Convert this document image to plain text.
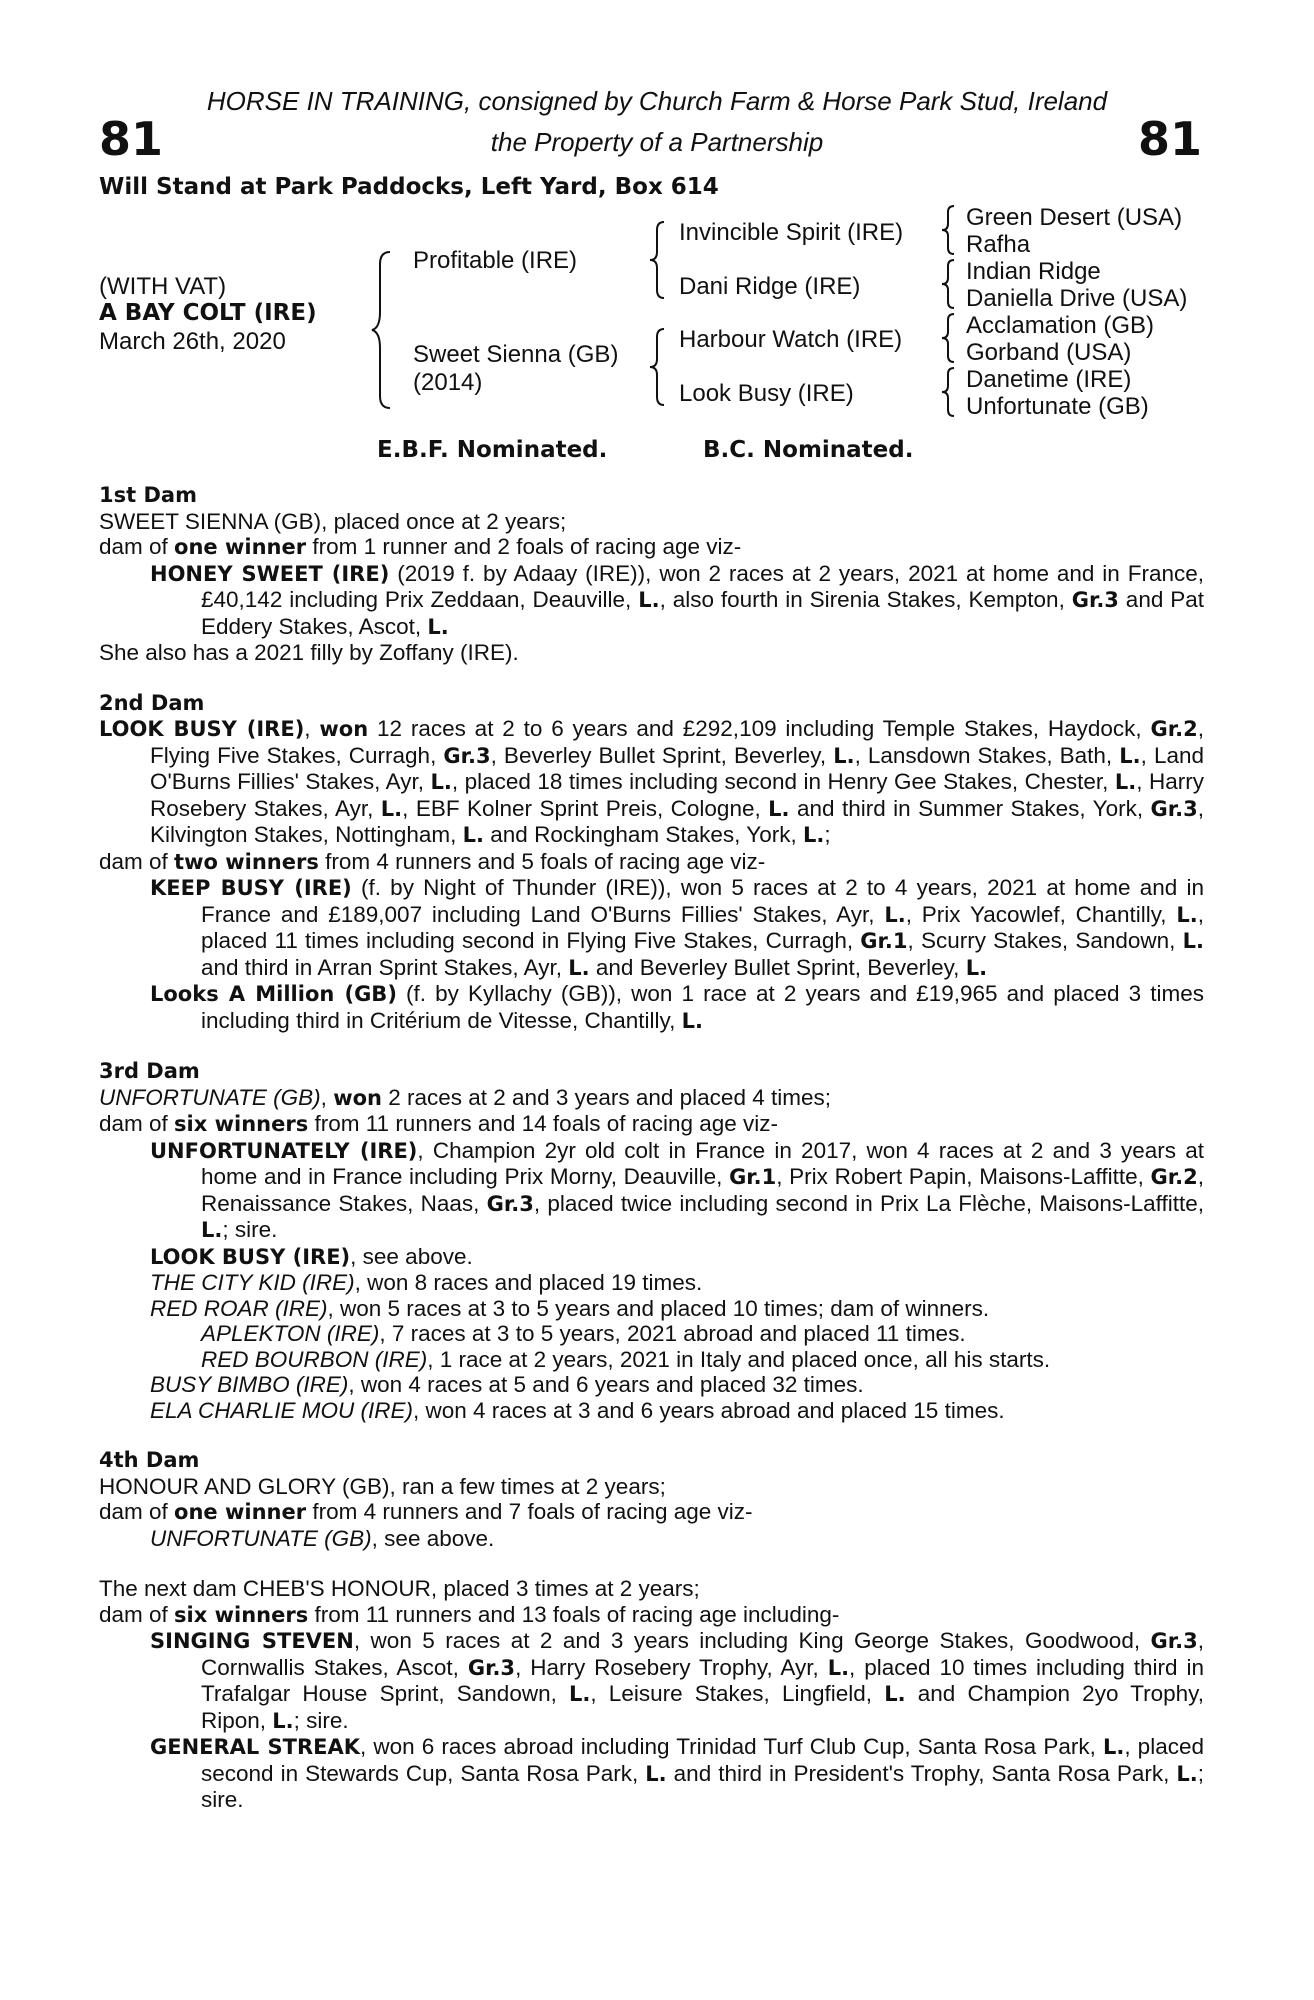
81	81
HORSE IN TRAINING, consigned by Church Farm & Horse Park Stud, Ireland
the Property of a Partnership
Will Stand at Park Paddocks, Left Yard, Box 614
(WITH VAT)
A BAY COLT (IRE)
March 26th, 2020
Profitable (IRE)
Sweet Sienna (GB)
(2014)
Invincible Spirit (IRE)
Dani Ridge (IRE)
Harbour Watch (IRE)
Look Busy (IRE)
Green Desert (USA)
Rafha
Indian Ridge
Daniella Drive (USA)
Acclamation (GB)
Gorband (USA)
Danetime (IRE)
Unfortunate (GB)
E.B.F. Nominated.	B.C. Nominated.

1st Dam

SWEET SIENNA (GB), placed once at 2 years;

dam of one winner from 1 runner and 2 foals of racing age viz-

HONEY SWEET (IRE) (2019 f. by Adaay (IRE)), won 2 races at 2 years, 2021 at home and in France, £40,142 including Prix Zeddaan, Deauville, L., also fourth in Sirenia Stakes, Kempton, Gr.3 and Pat Eddery Stakes, Ascot, L.

She also has a 2021 filly by Zoffany (IRE).

2nd Dam

LOOK BUSY (IRE), won 12 races at 2 to 6 years and £292,109 including Temple Stakes, Haydock, Gr.2, Flying Five Stakes, Curragh, Gr.3, Beverley Bullet Sprint, Beverley, L., Lansdown Stakes, Bath, L., Land O'Burns Fillies' Stakes, Ayr, L., placed 18 times including second in Henry Gee Stakes, Chester, L., Harry Rosebery Stakes, Ayr, L., EBF Kolner Sprint Preis, Cologne, L. and third in Summer Stakes, York, Gr.3, Kilvington Stakes, Nottingham, L. and Rockingham Stakes, York, L.;

dam of two winners from 4 runners and 5 foals of racing age viz-

KEEP BUSY (IRE) (f. by Night of Thunder (IRE)), won 5 races at 2 to 4 years, 2021 at home and in France and £189,007 including Land O'Burns Fillies' Stakes, Ayr, L., Prix Yacowlef, Chantilly, L., placed 11 times including second in Flying Five Stakes, Curragh, Gr.1, Scurry Stakes, Sandown, L. and third in Arran Sprint Stakes, Ayr, L. and Beverley Bullet Sprint, Beverley, L.

Looks A Million (GB) (f. by Kyllachy (GB)), won 1 race at 2 years and £19,965 and placed 3 times including third in Critérium de Vitesse, Chantilly, L.

3rd Dam

UNFORTUNATE (GB), won 2 races at 2 and 3 years and placed 4 times;

dam of six winners from 11 runners and 14 foals of racing age viz-

UNFORTUNATELY (IRE), Champion 2yr old colt in France in 2017, won 4 races at 2 and 3 years at home and in France including Prix Morny, Deauville, Gr.1, Prix Robert Papin, Maisons-Laffitte, Gr.2, Renaissance Stakes, Naas, Gr.3, placed twice including second in Prix La Flèche, Maisons-Laffitte, L.; sire.

LOOK BUSY (IRE), see above.

THE CITY KID (IRE), won 8 races and placed 19 times.

RED ROAR (IRE), won 5 races at 3 to 5 years and placed 10 times; dam of winners.

APLEKTON (IRE), 7 races at 3 to 5 years, 2021 abroad and placed 11 times.

RED BOURBON (IRE), 1 race at 2 years, 2021 in Italy and placed once, all his starts.

BUSY BIMBO (IRE), won 4 races at 5 and 6 years and placed 32 times.

ELA CHARLIE MOU (IRE), won 4 races at 3 and 6 years abroad and placed 15 times.

4th Dam

HONOUR AND GLORY (GB), ran a few times at 2 years;

dam of one winner from 4 runners and 7 foals of racing age viz-

UNFORTUNATE (GB), see above.

The next dam CHEB'S HONOUR, placed 3 times at 2 years;

dam of six winners from 11 runners and 13 foals of racing age including-

SINGING STEVEN, won 5 races at 2 and 3 years including King George Stakes, Goodwood, Gr.3, Cornwallis Stakes, Ascot, Gr.3, Harry Rosebery Trophy, Ayr, L., placed 10 times including third in Trafalgar House Sprint, Sandown, L., Leisure Stakes, Lingfield, L. and Champion 2yo Trophy, Ripon, L.; sire.

GENERAL STREAK, won 6 races abroad including Trinidad Turf Club Cup, Santa Rosa Park, L., placed second in Stewards Cup, Santa Rosa Park, L. and third in President's Trophy, Santa Rosa Park, L.; sire.
